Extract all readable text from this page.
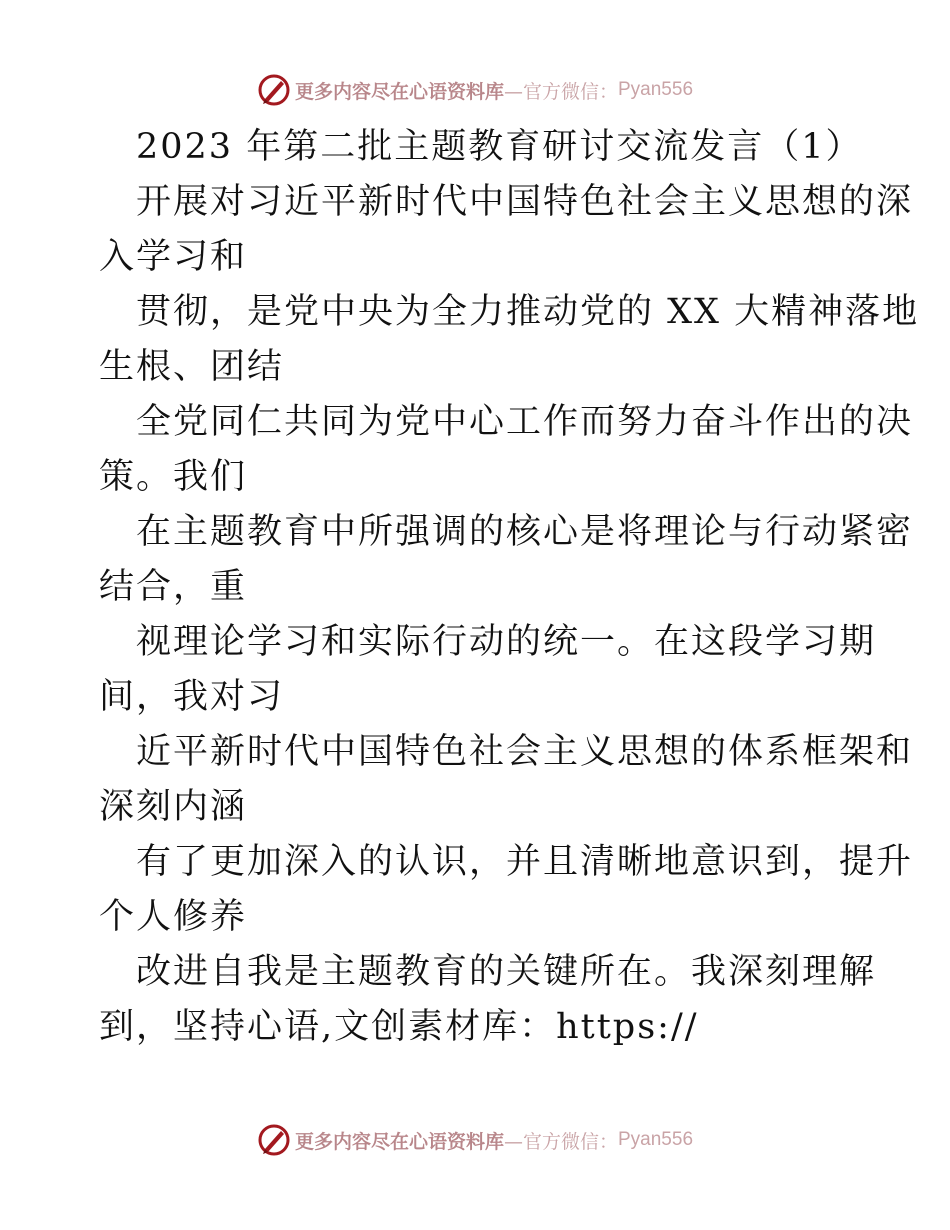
更多内容尽在心语资料库 —官方微信： Pyan556
2023 年第二批主题教育研讨交流发言（1）
开展对习近平新时代中国特色社会主义思想的深
入学习和
贯彻，是党中央为全力推动党的 XX 大精神落地
生根、团结
全党同仁共同为党中心工作而努力奋斗作出的决
策。我们
在主题教育中所强调的核心是将理论与行动紧密
结合，重
视理论学习和实际行动的统一。在这段学习期
间，我对习
近平新时代中国特色社会主义思想的体系框架和
深刻内涵
有了更加深入的认识，并且清晰地意识到，提升
个人修养
改进自我是主题教育的关键所在。我深刻理解
到，坚持心语,文创素材库：https://
更多内容尽在心语资料库 —官方微信： Pyan556
